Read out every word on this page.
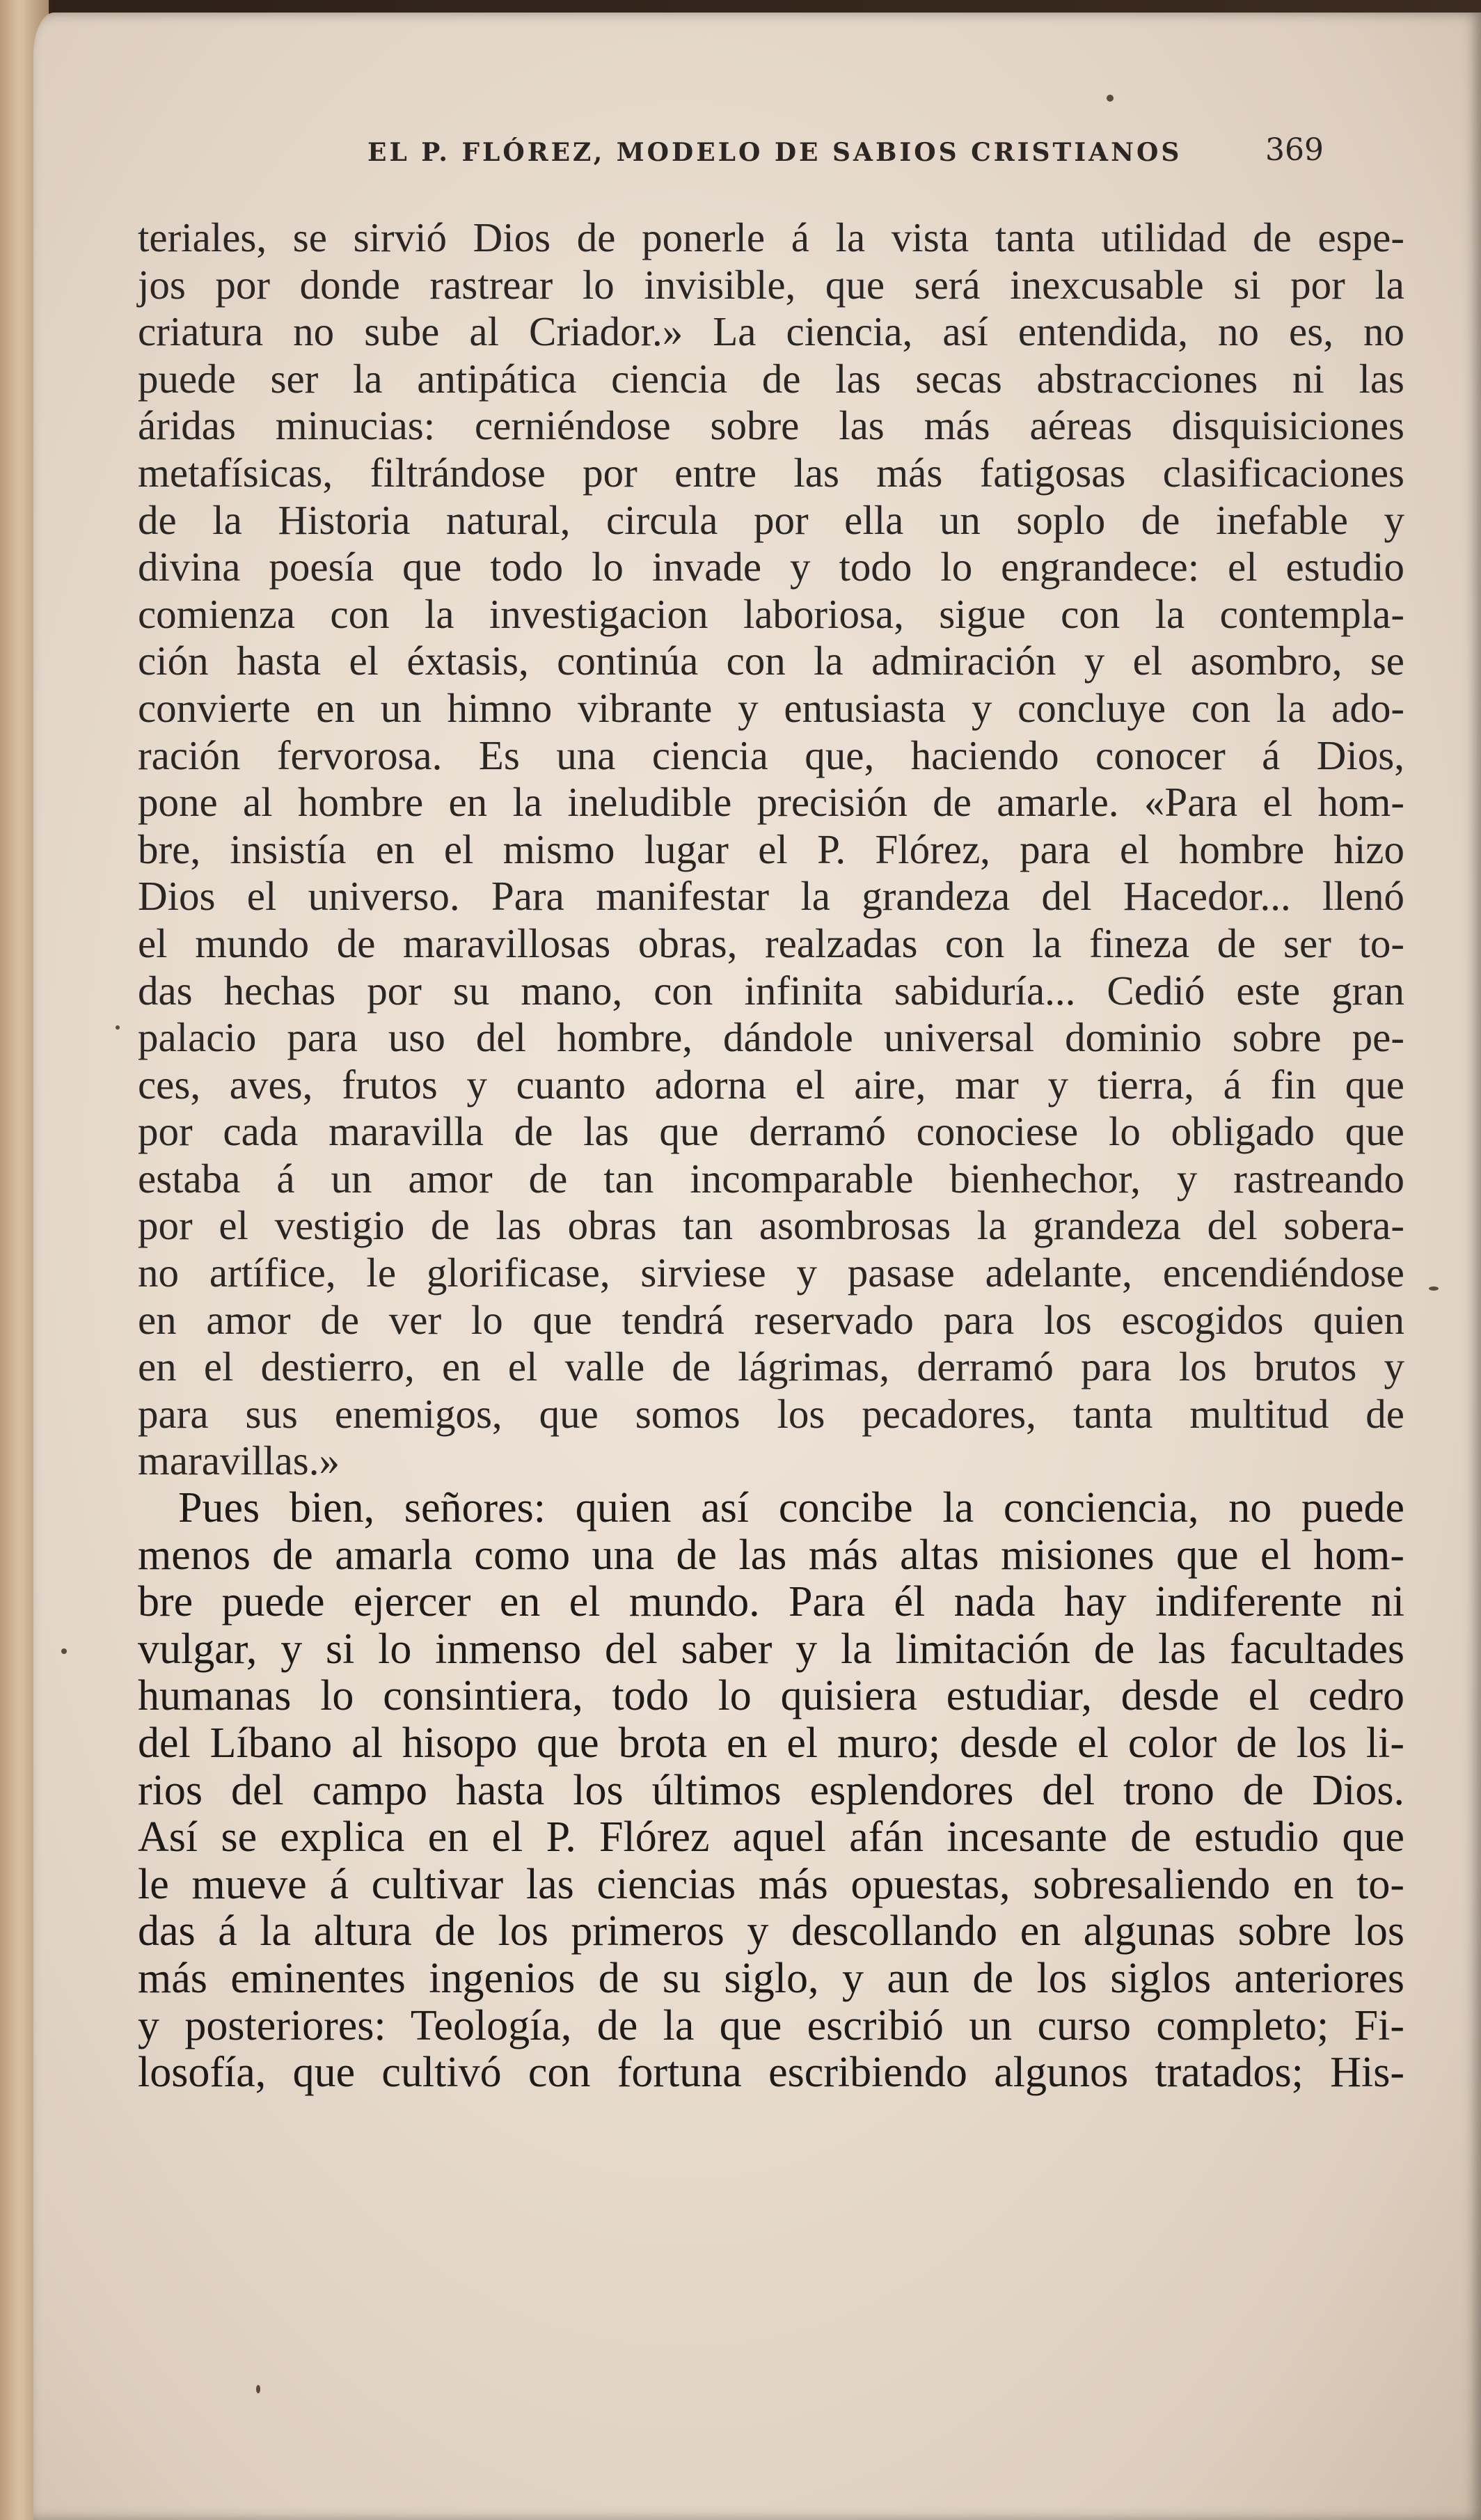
EL P. FLÓREZ, MODELO DE SABIOS CRISTIANOS	369
teriales, se sirvió Dios de ponerle á la vista tanta utilidad de espe-
jos por donde rastrear lo invisible, que será inexcusable si por la
criatura no sube al Criador.» La ciencia, así entendida, no es, no
puede ser la antipática ciencia de las secas abstracciones ni las
áridas minucias: cerniéndose sobre las más aéreas disquisiciones
metafísicas, filtrándose por entre las más fatigosas clasificaciones
de la Historia natural, circula por ella un soplo de inefable y
divina poesía que todo lo invade y todo lo engrandece: el estudio
comienza con la investigacion laboriosa, sigue con la contempla-
ción hasta el éxtasis, continúa con la admiración y el asombro, se
convierte en un himno vibrante y entusiasta y concluye con la ado-
ración fervorosa. Es una ciencia que, haciendo conocer á Dios,
pone al hombre en la ineludible precisión de amarle. «Para el hom-
bre, insistía en el mismo lugar el P. Flórez, para el hombre hizo
Dios el universo. Para manifestar la grandeza del Hacedor... llenó
el mundo de maravillosas obras, realzadas con la fineza de ser to-
das hechas por su mano, con infinita sabiduría... Cedió este gran
palacio para uso del hombre, dándole universal dominio sobre pe-
ces, aves, frutos y cuanto adorna el aire, mar y tierra, á fin que
por cada maravilla de las que derramó conociese lo obligado que
estaba á un amor de tan incomparable bienhechor, y rastreando
por el vestigio de las obras tan asombrosas la grandeza del sobera-
no artífice, le glorificase, sirviese y pasase adelante, encendiéndose
en amor de ver lo que tendrá reservado para los escogidos quien
en el destierro, en el valle de lágrimas, derramó para los brutos y
para sus enemigos, que somos los pecadores, tanta multitud de
maravillas.»
Pues bien, señores: quien así concibe la conciencia, no puede
menos de amarla como una de las más altas misiones que el hom-
bre puede ejercer en el mundo. Para él nada hay indiferente ni
vulgar, y si lo inmenso del saber y la limitación de las facultades
humanas lo consintiera, todo lo quisiera estudiar, desde el cedro
del Líbano al hisopo que brota en el muro; desde el color de los li-
rios del campo hasta los últimos esplendores del trono de Dios.
Así se explica en el P. Flórez aquel afán incesante de estudio que
le mueve á cultivar las ciencias más opuestas, sobresaliendo en to-
das á la altura de los primeros y descollando en algunas sobre los
más eminentes ingenios de su siglo, y aun de los siglos anteriores
y posteriores: Teología, de la que escribió un curso completo; Fi-
losofía, que cultivó con fortuna escribiendo algunos tratados; His-
